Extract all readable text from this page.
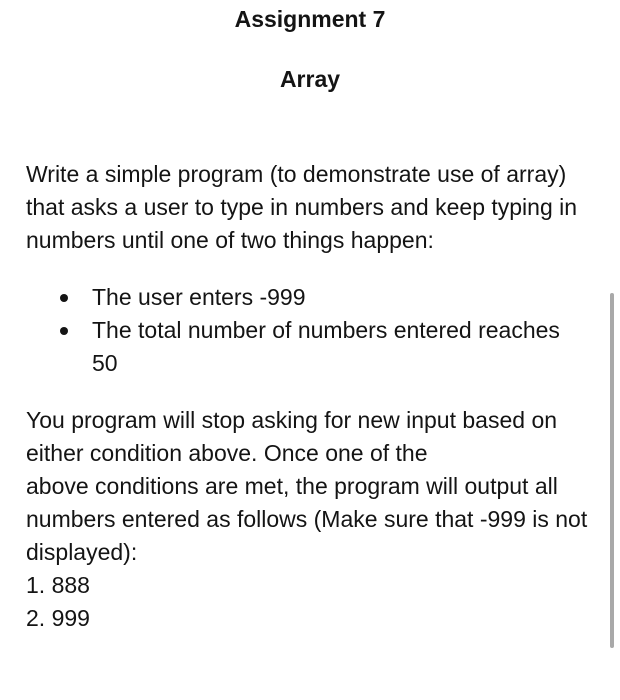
Assignment 7
Array

Write a simple program (to demonstrate use of array) that asks a user to type in numbers and keep typing in numbers until one of two things happen:

The user enters -999
The total number of numbers entered reaches 50

You program will stop asking for new input based on either condition above. Once one of the

above conditions are met, the program will output all numbers entered as follows (Make sure that -999 is not displayed):

1. 888

2. 999
